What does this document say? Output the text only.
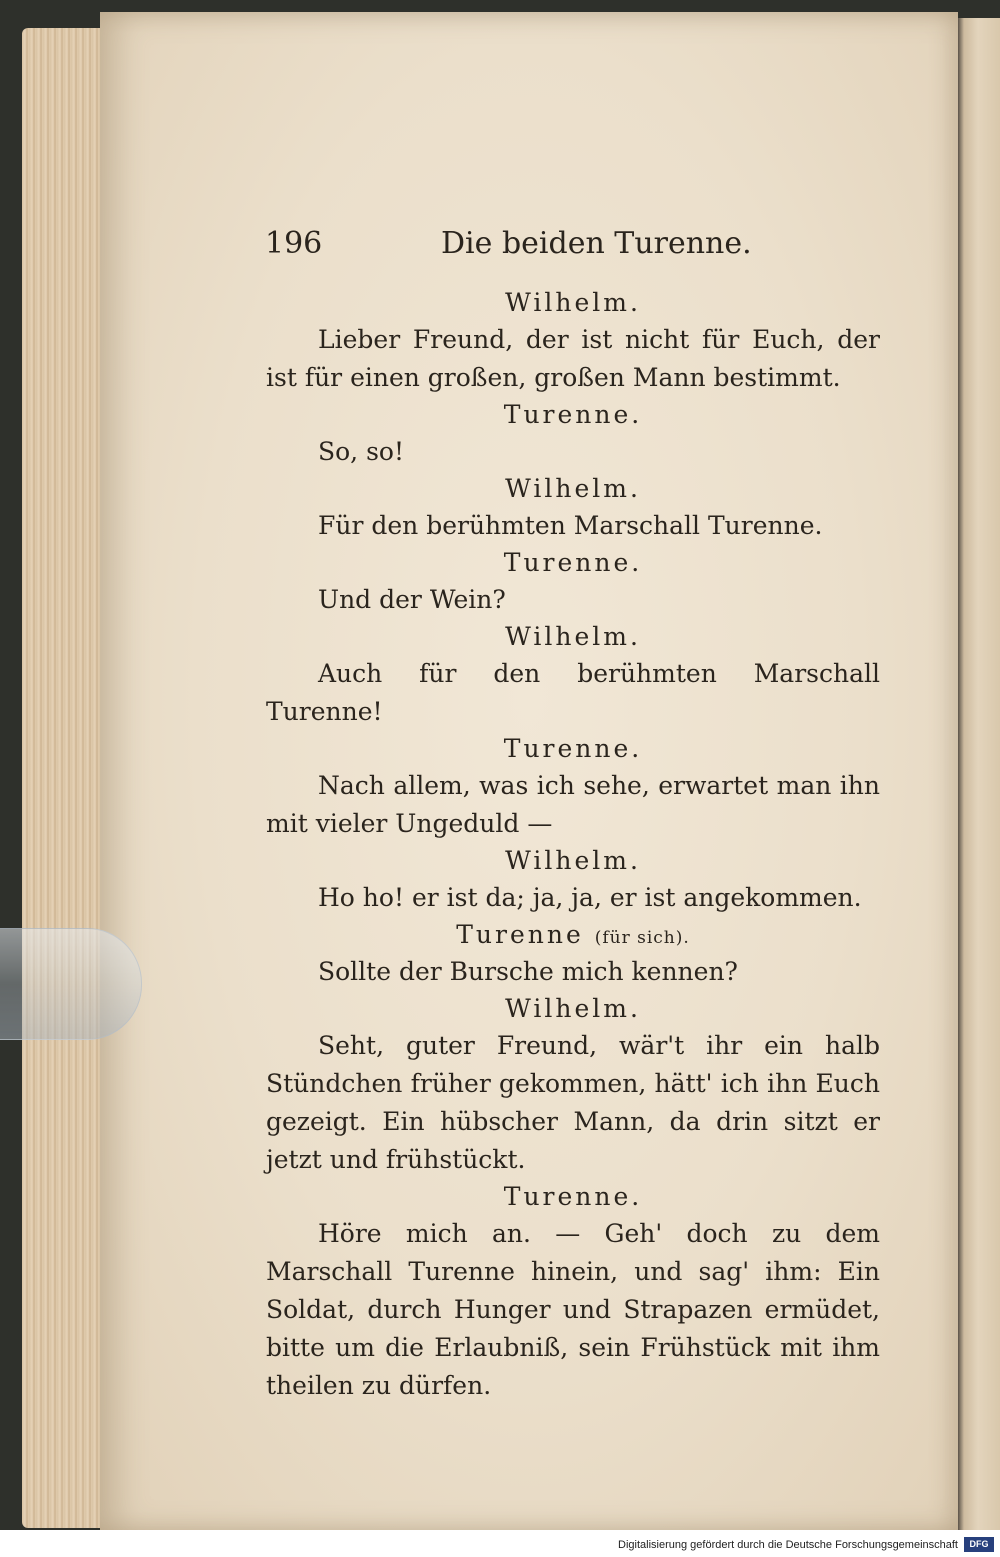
196	Die beiden Turenne.
Wilhelm.

Lieber Freund, der ist nicht für Euch, der ist für einen großen, großen Mann bestimmt.

Turenne.

So, so!

Wilhelm.

Für den berühmten Marschall Turenne.

Turenne.

Und der Wein?

Wilhelm.

Auch für den berühmten Marschall Turenne!

Turenne.

Nach allem, was ich sehe, erwartet man ihn mit vieler Ungeduld —

Wilhelm.

Ho ho! er ist da; ja, ja, er ist angekommen.

Turenne (für sich).

Sollte der Bursche mich kennen?

Wilhelm.

Seht, guter Freund, wär't ihr ein halb Stündchen früher gekommen, hätt' ich ihn Euch gezeigt. Ein hübscher Mann, da drin sitzt er jetzt und frühstückt.

Turenne.

Höre mich an. — Geh' doch zu dem Marschall Turenne hinein, und sag' ihm: Ein Soldat, durch Hunger und Strapazen ermüdet, bitte um die Erlaubniß, sein Frühstück mit ihm theilen zu dürfen.

Digitalisierung gefördert durch die Deutsche Forschungsgemeinschaft	DFG
